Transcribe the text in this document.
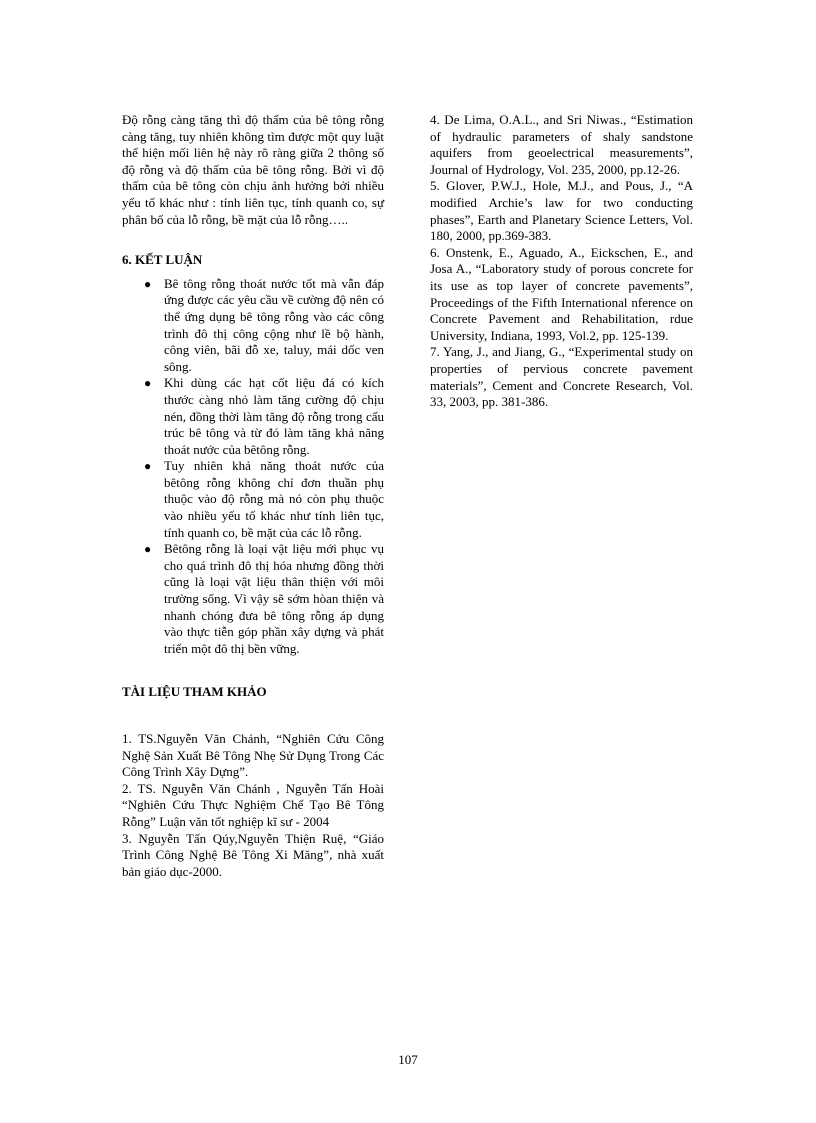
Độ rỗng càng tăng thì độ thấm của bê tông rỗng càng tăng, tuy nhiên không tìm được một quy luật thể hiện mối liên hệ này rõ ràng giữa 2 thông số độ rỗng và độ thấm của bê tông rỗng. Bởi vì độ thấm của bê tông còn chịu ảnh hưởng bởi nhiều yếu tố khác như : tính liên tục, tính quanh co, sự phân bố của lỗ rỗng, bề mặt của lỗ rỗng…..

6. KẾT LUẬN
● Bê tông rỗng thoát nước tốt mà vẫn đáp ứng được các yêu cầu về cường độ nên có thể ứng dụng bê tông rỗng vào các công trình đô thị công cộng như lề bộ hành, công viên, bãi đỗ xe, taluy, mái dốc ven sông.
● Khi dùng các hạt cốt liệu đá có kích thước càng nhỏ làm tăng cường độ chịu nén, đồng thời làm tăng độ rỗng trong cấu trúc bê tông và từ đó làm tăng khả năng thoát nước của bêtông rỗng.
● Tuy nhiên khả năng thoát nước của bêtông rỗng không chỉ đơn thuần phụ thuộc vào độ rỗng mà nó còn phụ thuộc vào nhiều yếu tố khác như tính liên tục, tính quanh co, bề mặt của các lỗ rỗng.
● Bêtông rỗng là loại vật liệu mới phục vụ cho quá trình đô thị hóa nhưng đồng thời cũng là loại vật liệu thân thiện với môi trường sống. Vì vậy sẽ sớm hòan thiện và nhanh chóng đưa bê tông rỗng áp dụng vào thực tiễn góp phần xây dựng và phát triển một đô thị bền vững.
TÀI LIỆU THAM KHẢO

1. TS.Nguyễn Văn Chánh, “Nghiên Cứu Công Nghệ Sản Xuất Bê Tông Nhẹ Sử Dụng Trong Các Công Trình Xây Dựng”.

2. TS. Nguyễn Văn Chánh , Nguyễn Tấn Hoài “Nghiên Cứu Thực Nghiệm Chế Tạo Bê Tông Rỗng” Luận văn tốt nghiệp kĩ sư - 2004

3. Nguyễn Tấn Qúy,Nguyễn Thiện Ruệ, “Giáo Trình Công Nghệ Bê Tông Xi Măng”, nhà xuất bản giáo dục-2000.

4. De Lima, O.A.L., and Sri Niwas., “Estimation of hydraulic parameters of shaly sandstone aquifers from geoelectrical measurements”, Journal of Hydrology, Vol. 235, 2000, pp.12-26.

5. Glover, P.W.J., Hole, M.J., and Pous, J., “A modified Archie’s law for two conducting phases”, Earth and Planetary Science Letters, Vol. 180, 2000, pp.369-383.

6. Onstenk, E., Aguado, A., Eickschen, E., and Josa A., “Laboratory study of porous concrete for its use as top layer of concrete pavements”, Proceedings of the Fifth International nference on Concrete Pavement and Rehabilitation, rdue University, Indiana, 1993, Vol.2, pp. 125-139.

7. Yang, J., and Jiang, G., “Experimental study on properties of pervious concrete pavement materials”, Cement and Concrete Research, Vol. 33, 2003, pp. 381-386.

107
